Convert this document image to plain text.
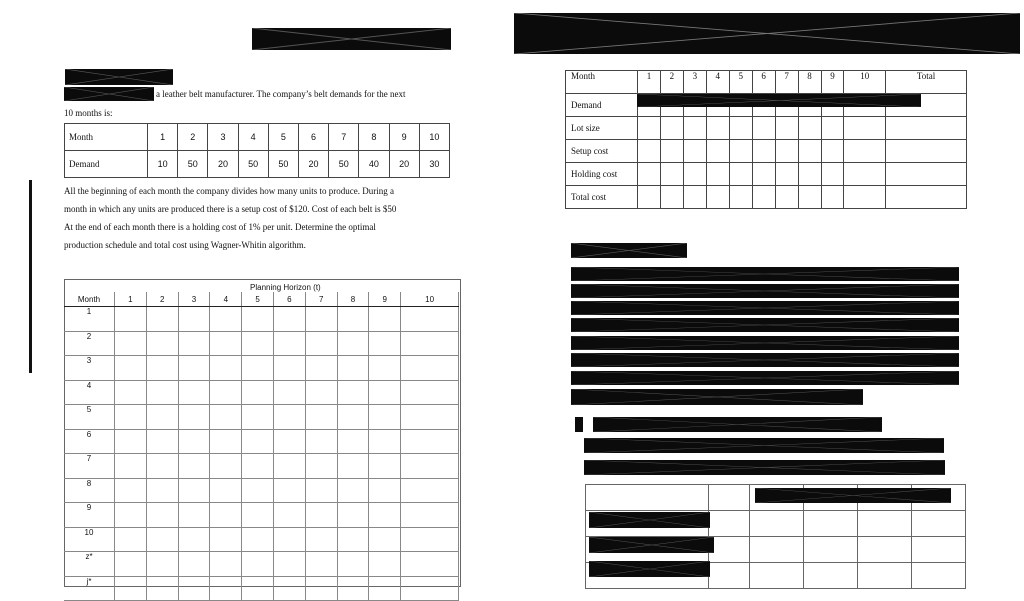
a leather belt manufacturer. The company’s belt demands for the next
10 months is:
Month	1	2	3	4	5	6	7	8	9	10
Demand	10	50	20	50	50	20	50	40	20	30
All the beginning of each month the company divides how many units to produce. During a
month in which any units are produced there is a setup cost of $120. Cost of each belt is $50
At the end of each month there is a holding cost of 1% per unit. Determine the optimal
production schedule and total cost using Wagner-Whitin algorithm.
Planning Horizon (t)
Month	1	2	3	4	5	6	7	8	9	10
1										
2										
3										
4										
5										
6										
7										
8										
9										
10										
z*										
j*										
Month	1	2	3	4	5	6	7	8	9	10	Total
Demand											
Lot size											
Setup cost											
Holding cost											
Total cost											
